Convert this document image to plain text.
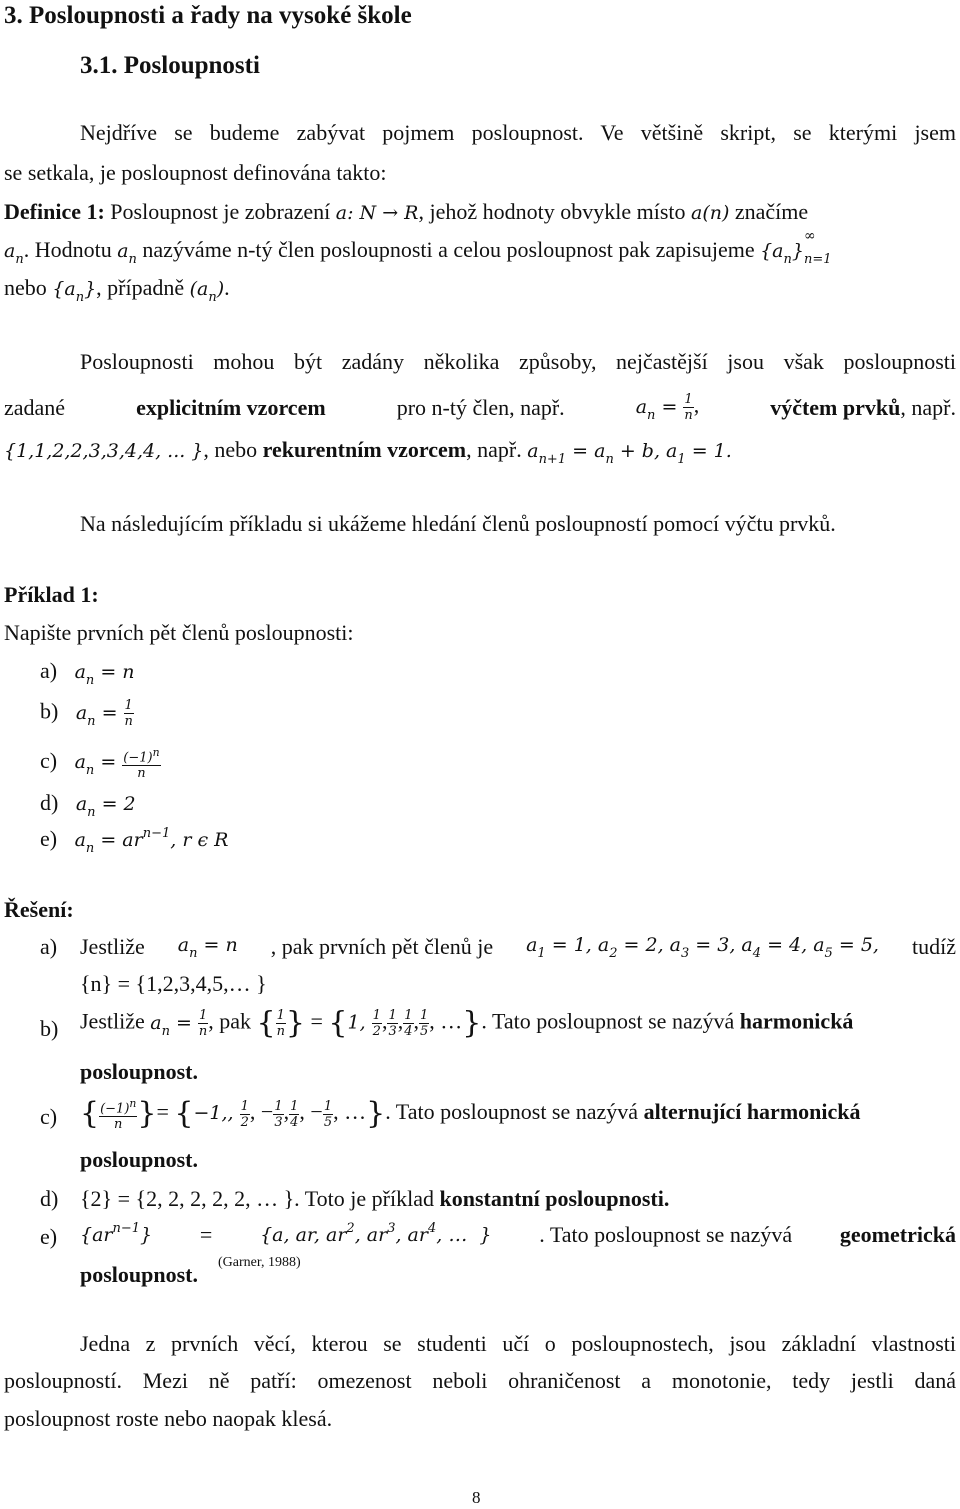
3. Posloupnosti a řady na vysoké škole
3.1. Posloupnosti
Nejdříve se budeme zabývat pojmem posloupnost. Ve většině skript, se kterými jsem
se setkala, je posloupnost definována takto:
Definice 1: Posloupnost je zobrazení a: N → R, jehož hodnoty obvykle místo a(n) značíme
$a_n$. Hodnotu $a_n$ nazýváme n-tý člen posloupnosti a celou posloupnost pak zapisujeme $\{a_n\}$
∞
$_{n=1}$
nebo $\{a_n\}$, případně $(a_n)$.
Posloupnosti mohou být zadány několika způsoby, nejčastější jsou však posloupnosti
zadané	explicitním vzorcem	pro n-tý člen, např.	$a_n = \frac{1}{n}$ ,	výčtem prvků, např.
{1,1,2,2,3,3,4,4, ... }, nebo rekurentním vzorcem, např. $a_{n+1} = a_n + b$, $a_1 = 1$.
Na následujícím příkladu si ukážeme hledání členů posloupností pomocí výčtu prvků.
Příklad 1:
Napište prvních pět členů posloupnosti:
a) $a_n = n$
b) $a_n = \frac{1}{n}$
c) $a_n = \frac{(-1)^n}{n}$
d) $a_n = 2$
e) $a_n = ar^{n-1}$, r ϵ R
Řešení:
a) Jestliže $a_n = n$ , pak prvních pět členů je $a_1 = 1$, $a_2 = 2$, $a_3 = 3$, $a_4 = 4$, $a_5 = 5$, tudíž
{n} = {1,2,3,4,5,… }
b) Jestliže $a_n = \frac{1}{n}$ , pak { $\frac{1}{n}$ } = {1, $\frac{1}{2}$ , $\frac{1}{3}$ , $\frac{1}{4}$ , $\frac{1}{5}$ , …}. Tato posloupnost se nazývá harmonická
posloupnost.
c) { $\frac{(-1)^n}{n}$ }= {−1,, $\frac{1}{2}$ , − $\frac{1}{3}$ , $\frac{1}{4}$ , − $\frac{1}{5}$ , …}. Tato posloupnost se nazývá alternující harmonická
posloupnost.
d) {2} = {2, 2, 2, 2, 2, … }. Toto je příklad konstantní posloupnosti.
e) $\{ar^{n-1}\}$ =	{a, ar, $ar^2$, $ar^3$, $ar^4$, …  } . Tato posloupnost se nazývá geometrická
posloupnost. (Garner, 1988)
Jedna z prvních věcí, kterou se studenti učí o posloupnostech, jsou základní vlastnosti
posloupností. Mezi ně patří: omezenost neboli ohraničenost a monotonie, tedy jestli daná
posloupnost roste nebo naopak klesá.
8
